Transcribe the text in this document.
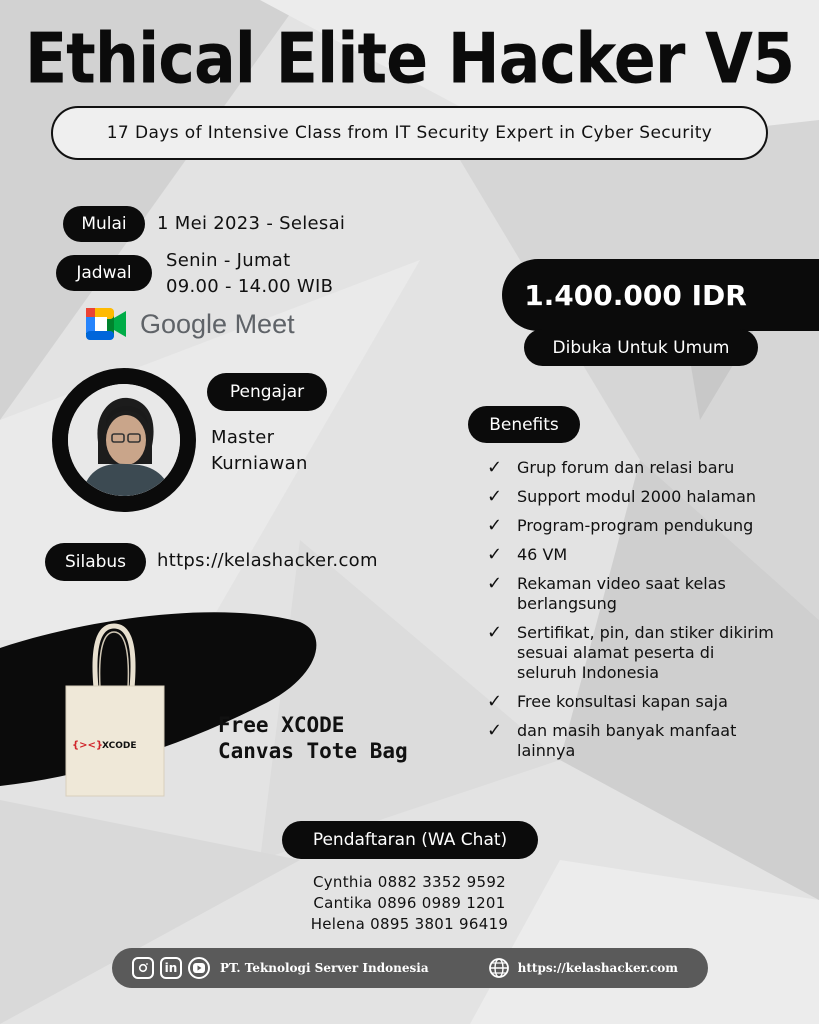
Ethical Elite Hacker V5
17 Days of Intensive Class from IT Security Expert in Cyber Security
Mulai 1 Mei 2023 - Selesai
Jadwal
Senin - Jumat
09.00 - 14.00 WIB
Google Meet
Pengajar
Master
Kurniawan
Silabus https://kelashacker.com
1.400.000 IDR
Dibuka Untuk Umum
Benefits
✓ Grup forum dan relasi baru
✓ Support modul 2000 halaman
✓ Program-program pendukung
✓ 46 VM
✓ Rekaman video saat kelas berlangsung
✓ Sertifikat, pin, dan stiker dikirim sesuai alamat peserta di seluruh Indonesia
✓ Free konsultasi kapan saja
✓ dan masih banyak manfaat lainnya
{><} XCODE
Free XCODE
Canvas Tote Bag
Pendaftaran (WA Chat)
Cynthia 0882 3352 9592
Cantika 0896 0989 1201
Helena 0895 3801 96419
in	PT. Teknologi Server Indonesia	https://kelashacker.com
